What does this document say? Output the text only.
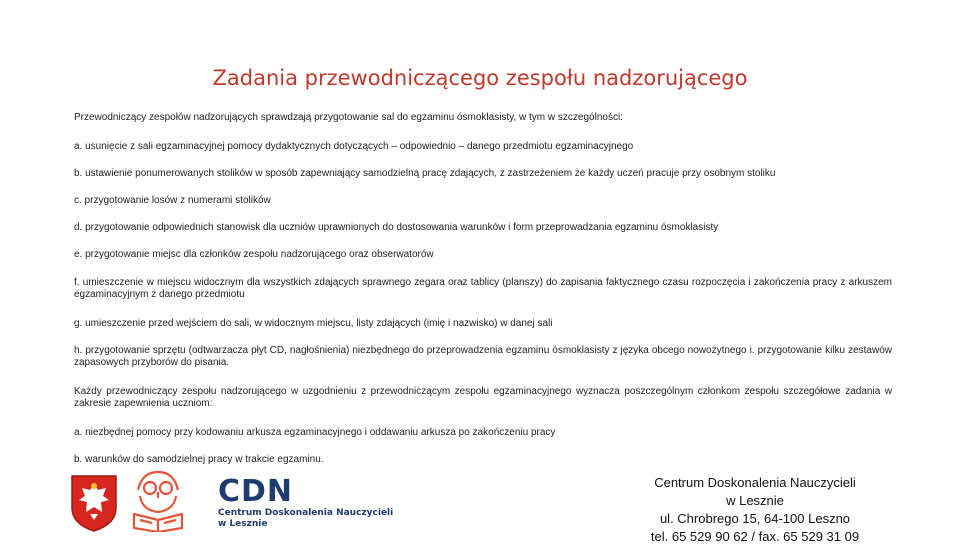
Zadania przewodniczącego zespołu nadzorującego

Przewodniczący zespołów nadzorujących sprawdzają przygotowanie sal do egzaminu ósmoklasisty, w tym w szczególności:

a. usunięcie z sali egzaminacyjnej pomocy dydaktycznych dotyczących – odpowiednio – danego przedmiotu egzaminacyjnego

b. ustawienie ponumerowanych stolików w sposób zapewniający samodzielną pracę zdających, z zastrzeżeniem że każdy uczeń pracuje przy osobnym stoliku

c. przygotowanie losów z numerami stolików

d. przygotowanie odpowiednich stanowisk dla uczniów uprawnionych do dostosowania warunków i form przeprowadzania egzaminu ósmoklasisty

e. przygotowanie miejsc dla członków zespołu nadzorującego oraz obserwatorów

f. umieszczenie w miejscu widocznym dla wszystkich zdających sprawnego zegara oraz tablicy (planszy) do zapisania faktycznego czasu rozpoczęcia i zakończenia pracy z arkuszem egzaminacyjnym z danego przedmiotu

g. umieszczenie przed wejściem do sali, w widocznym miejscu, listy zdających (imię i nazwisko) w danej sali

h. przygotowanie sprzętu (odtwarzacza płyt CD, nagłośnienia) niezbędnego do przeprowadzenia egzaminu ósmoklasisty z języka obcego nowożytnego i. przygotowanie kilku zestawów zapasowych przyborów do pisania.

Każdy przewodniczący zespołu nadzorującego w uzgodnieniu z przewodniczącym zespołu egzaminacyjnego wyznacza poszczególnym członkom zespołu szczegółowe zadania w zakresie zapewnienia uczniom:

a. niezbędnej pomocy przy kodowaniu arkusza egzaminacyjnego i oddawaniu arkusza po zakończeniu pracy

b. warunków do samodzielnej pracy w trakcie egzaminu.

CDN
Centrum Doskonalenia Nauczycieli
w Lesznie
Centrum Doskonalenia Nauczycieli
w Lesznie
ul. Chrobrego 15, 64-100 Leszno
tel. 65 529 90 62 / fax. 65 529 31 09
